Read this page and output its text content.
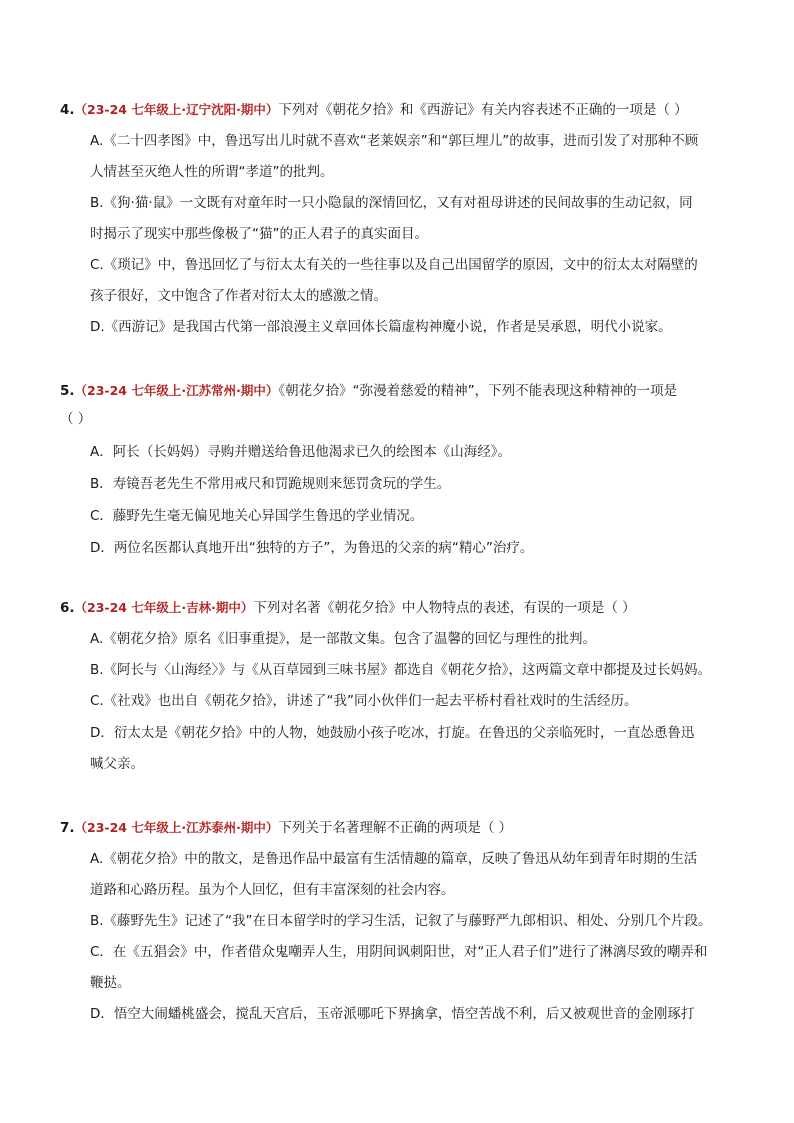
4.（23-24 七年级上·辽宁沈阳·期中）下列对《朝花夕拾》和《西游记》有关内容表述不正确的一项是（ ）
A.《二十四孝图》中，鲁迅写出儿时就不喜欢“老莱娱亲”和“郭巨埋儿”的故事，进而引发了对那种不顾
人情甚至灭绝人性的所谓“孝道”的批判。
B.《狗·猫·鼠》一文既有对童年时一只小隐鼠的深情回忆，又有对祖母讲述的民间故事的生动记叙，同
时揭示了现实中那些像极了“猫”的正人君子的真实面目。
C.《琐记》中，鲁迅回忆了与衍太太有关的一些往事以及自己出国留学的原因，文中的衍太太对隔壁的
孩子很好，文中饱含了作者对衍太太的感激之情。
D.《西游记》是我国古代第一部浪漫主义章回体长篇虚构神魔小说，作者是吴承恩，明代小说家。
5.（23-24 七年级上·江苏常州·期中）《朝花夕拾》“弥漫着慈爱的精神”，下列不能表现这种精神的一项是
（ ）
A．阿长（长妈妈）寻购并赠送给鲁迅他渴求已久的绘图本《山海经》。
B．寿镜吾老先生不常用戒尺和罚跪规则来惩罚贪玩的学生。
C．藤野先生毫无偏见地关心异国学生鲁迅的学业情况。
D．两位名医都认真地开出“独特的方子”，为鲁迅的父亲的病“精心”治疗。
6.（23-24 七年级上·吉林·期中）下列对名著《朝花夕拾》中人物特点的表述，有误的一项是（ ）
A.《朝花夕拾》原名《旧事重提》，是一部散文集。包含了温馨的回忆与理性的批判。
B.《阿长与〈山海经〉》与《从百草园到三味书屋》都选自《朝花夕拾》，这两篇文章中都提及过长妈妈。
C.《社戏》也出自《朝花夕拾》，讲述了“我”同小伙伴们一起去平桥村看社戏时的生活经历。
D．衍太太是《朝花夕拾》中的人物，她鼓励小孩子吃冰，打旋。在鲁迅的父亲临死时，一直怂恿鲁迅
喊父亲。
7.（23-24 七年级上·江苏泰州·期中）下列关于名著理解不正确的两项是（ ）
A.《朝花夕拾》中的散文，是鲁迅作品中最富有生活情趣的篇章，反映了鲁迅从幼年到青年时期的生活
道路和心路历程。虽为个人回忆，但有丰富深刻的社会内容。
B.《藤野先生》记述了“我”在日本留学时的学习生活，记叙了与藤野严九郎相识、相处、分别几个片段。
C．在《五猖会》中，作者借众鬼嘲弄人生，用阴间讽刺阳世，对“正人君子们”进行了淋漓尽致的嘲弄和
鞭挞。
D．悟空大闹蟠桃盛会，搅乱天宫后，玉帝派哪吒下界擒拿，悟空苦战不利，后又被观世音的金刚琢打
